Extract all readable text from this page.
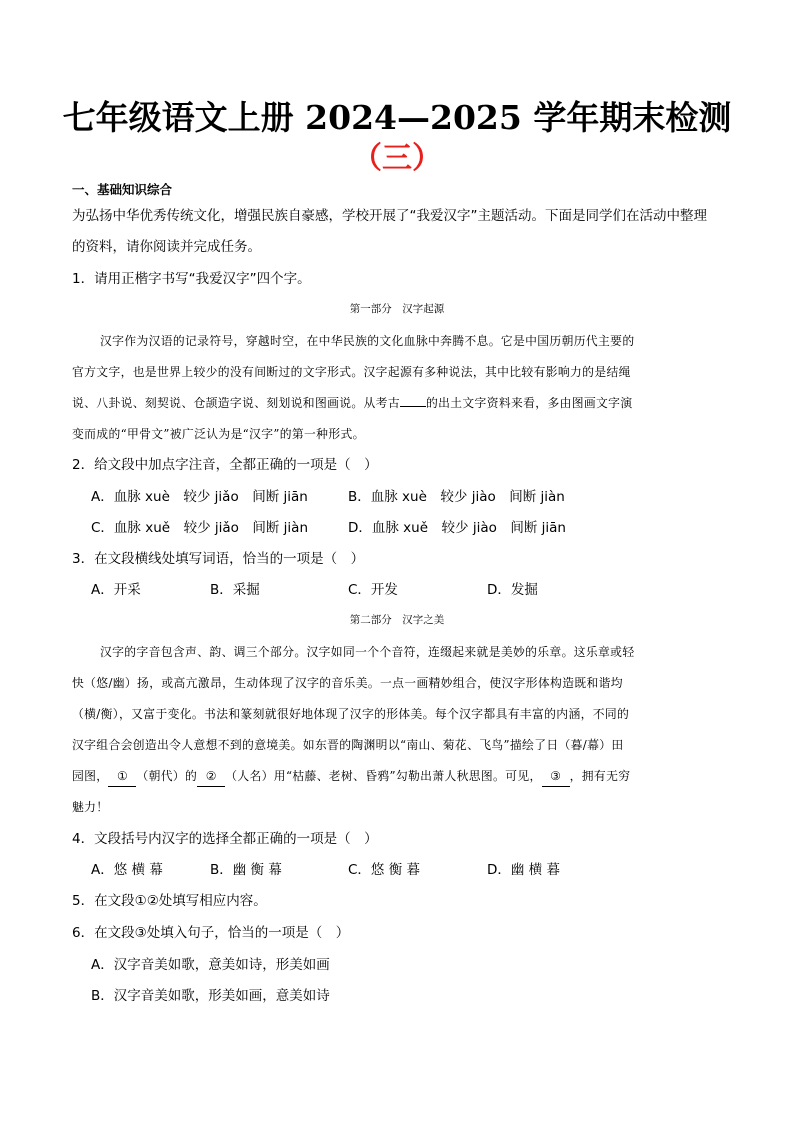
七年级语文上册 2024—2025 学年期末检测
（三）
一、基础知识综合
为弘扬中华优秀传统文化，增强民族自豪感，学校开展了“我爱汉字”主题活动。下面是同学们在活动中整理
的资料，请你阅读并完成任务。
1．请用正楷字书写“我爱汉字”四个字。
第一部分　汉字起源
汉字作为汉语的记录符号，穿越时空，在中华民族的文化血脉中奔腾不息。它是中国历朝历代主要的
官方文字，也是世界上较少的没有间断过的文字形式。汉字起源有多种说法，其中比较有影响力的是结绳
说、八卦说、刻契说、仓颉造字说、刻划说和图画说。从考古 的出土文字资料来看，多由图画文字演
变而成的“甲骨文”被广泛认为是“汉字”的第一种形式。
2．给文段中加点字注音，全都正确的一项是（　）
A．血脉 xuè　较少 jiǎo　间断 jiān	B．血脉 xuè　较少 jiào　间断 jiàn
C．血脉 xuě　较少 jiǎo　间断 jiàn	D．血脉 xuě　较少 jiào　间断 jiān
3．在文段横线处填写词语，恰当的一项是（　）
A．开采	B．采掘	C．开发	D．发掘
第二部分　汉字之美
汉字的字音包含声、韵、调三个部分。汉字如同一个个音符，连缀起来就是美妙的乐章。这乐章或轻
快（悠/幽）扬，或高亢激昂，生动体现了汉字的音乐美。一点一画精妙组合，使汉字形体构造既和谐均
（横/衡），又富于变化。书法和篆刻就很好地体现了汉字的形体美。每个汉字都具有丰富的内涵，不同的
汉字组合会创造出令人意想不到的意境美。如东晋的陶渊明以“南山、菊花、飞鸟”描绘了日（暮/幕）田
园图， ① （朝代）的 ② （人名）用“枯藤、老树、昏鸦”勾勒出萧人秋思图。可见， ③ ，拥有无穷
魅力！
4．文段括号内汉字的选择全都正确的一项是（　）
A．悠 横 幕	B．幽 衡 幕	C．悠 衡 暮	D．幽 横 暮
5．在文段①②处填写相应内容。
6．在文段③处填入句子，恰当的一项是（　）
A．汉字音美如歌，意美如诗，形美如画
B．汉字音美如歌，形美如画，意美如诗
